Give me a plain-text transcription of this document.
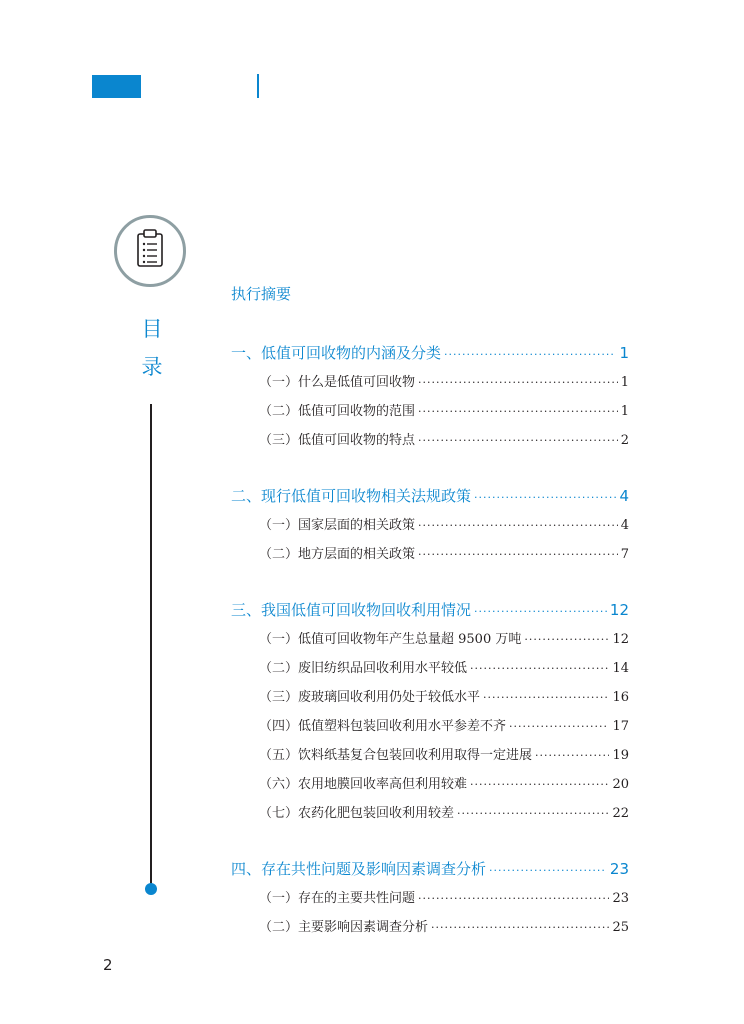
目
录
执行摘要
一、低值可回收物的内涵及分类 ·····	1
（一）什么是低值可回收物 ·····	1
（二）低值可回收物的范围 ·····	1
（三）低值可回收物的特点 ·····	2
二、现行低值可回收物相关法规政策 ·····	4
（一）国家层面的相关政策 ·····	4
（二）地方层面的相关政策 ·····	7
三、我国低值可回收物回收利用情况 ·····	12
（一）低值可回收物年产生总量超 9500 万吨 ·····	12
（二）废旧纺织品回收利用水平较低 ·····	14
（三）废玻璃回收利用仍处于较低水平 ·····	16
（四）低值塑料包装回收利用水平参差不齐 ·····	17
（五）饮料纸基复合包装回收利用取得一定进展 ·····	19
（六）农用地膜回收率高但利用较难 ·····	20
（七）农药化肥包装回收利用较差 ·····	22
四、存在共性问题及影响因素调查分析 ·····	23
（一）存在的主要共性问题 ·····	23
（二）主要影响因素调查分析 ·····	25
2
